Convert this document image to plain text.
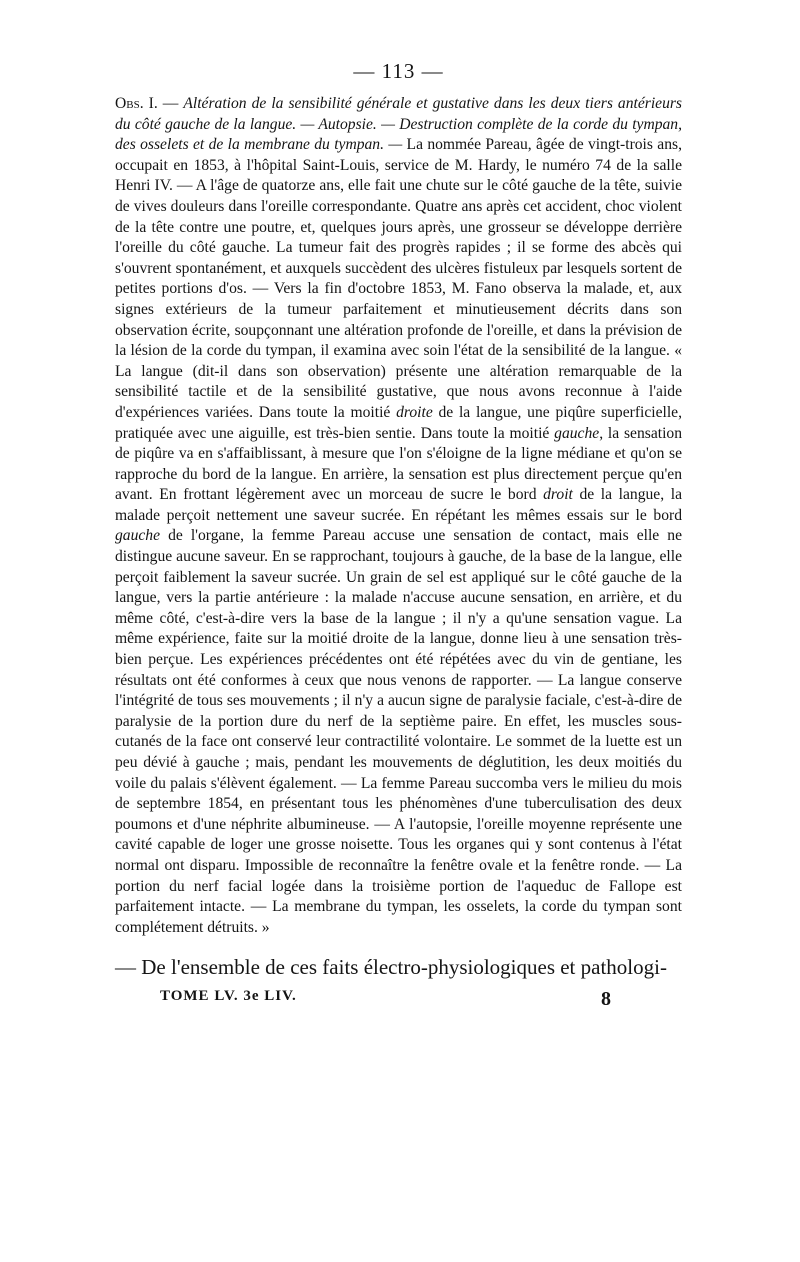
— 113 —

Obs. I. — Altération de la sensibilité générale et gustative dans les deux tiers antérieurs du côté gauche de la langue. — Autopsie. — Destruction complète de la corde du tympan, des osselets et de la membrane du tympan. — La nommée Pareau, âgée de vingt-trois ans, occupait en 1853, à l'hôpital Saint-Louis, service de M. Hardy, le numéro 74 de la salle Henri IV. — A l'âge de quatorze ans, elle fait une chute sur le côté gauche de la tête, suivie de vives douleurs dans l'oreille correspondante. Quatre ans après cet accident, choc violent de la tête contre une poutre, et, quelques jours après, une grosseur se développe derrière l'oreille du côté gauche. La tumeur fait des progrès rapides ; il se forme des abcès qui s'ouvrent spontanément, et auxquels succèdent des ulcères fistuleux par lesquels sortent de petites portions d'os. — Vers la fin d'octobre 1853, M. Fano observa la malade, et, aux signes extérieurs de la tumeur parfaitement et minutieusement décrits dans son observation écrite, soupçonnant une altération profonde de l'oreille, et dans la prévision de la lésion de la corde du tympan, il examina avec soin l'état de la sensibilité de la langue. « La langue (dit-il dans son observation) présente une altération remarquable de la sensibilité tactile et de la sensibilité gustative, que nous avons reconnue à l'aide d'expériences variées. Dans toute la moitié droite de la langue, une piqûre superficielle, pratiquée avec une aiguille, est très-bien sentie. Dans toute la moitié gauche, la sensation de piqûre va en s'affaiblissant, à mesure que l'on s'éloigne de la ligne médiane et qu'on se rapproche du bord de la langue. En arrière, la sensation est plus directement perçue qu'en avant. En frottant légèrement avec un morceau de sucre le bord droit de la langue, la malade perçoit nettement une saveur sucrée. En répétant les mêmes essais sur le bord gauche de l'organe, la femme Pareau accuse une sensation de contact, mais elle ne distingue aucune saveur. En se rapprochant, toujours à gauche, de la base de la langue, elle perçoit faiblement la saveur sucrée. Un grain de sel est appliqué sur le côté gauche de la langue, vers la partie antérieure : la malade n'accuse aucune sensation, en arrière, et du même côté, c'est-à-dire vers la base de la langue ; il n'y a qu'une sensation vague. La même expérience, faite sur la moitié droite de la langue, donne lieu à une sensation très-bien perçue. Les expériences précédentes ont été répétées avec du vin de gentiane, les résultats ont été conformes à ceux que nous venons de rapporter. — La langue conserve l'intégrité de tous ses mouvements ; il n'y a aucun signe de paralysie faciale, c'est-à-dire de paralysie de la portion dure du nerf de la septième paire. En effet, les muscles sous-cutanés de la face ont conservé leur contractilité volontaire. Le sommet de la luette est un peu dévié à gauche ; mais, pendant les mouvements de déglutition, les deux moitiés du voile du palais s'élèvent également. — La femme Pareau succomba vers le milieu du mois de septembre 1854, en présentant tous les phénomènes d'une tuberculisation des deux poumons et d'une néphrite albumineuse. — A l'autopsie, l'oreille moyenne représente une cavité capable de loger une grosse noisette. Tous les organes qui y sont contenus à l'état normal ont disparu. Impossible de reconnaître la fenêtre ovale et la fenêtre ronde. — La portion du nerf facial logée dans la troisième portion de l'aqueduc de Fallope est parfaitement intacte. — La membrane du tympan, les osselets, la corde du tympan sont complétement détruits. »

— De l'ensemble de ces faits électro-physiologiques et pathologi-
TOME LV. 3e LIV.	8
